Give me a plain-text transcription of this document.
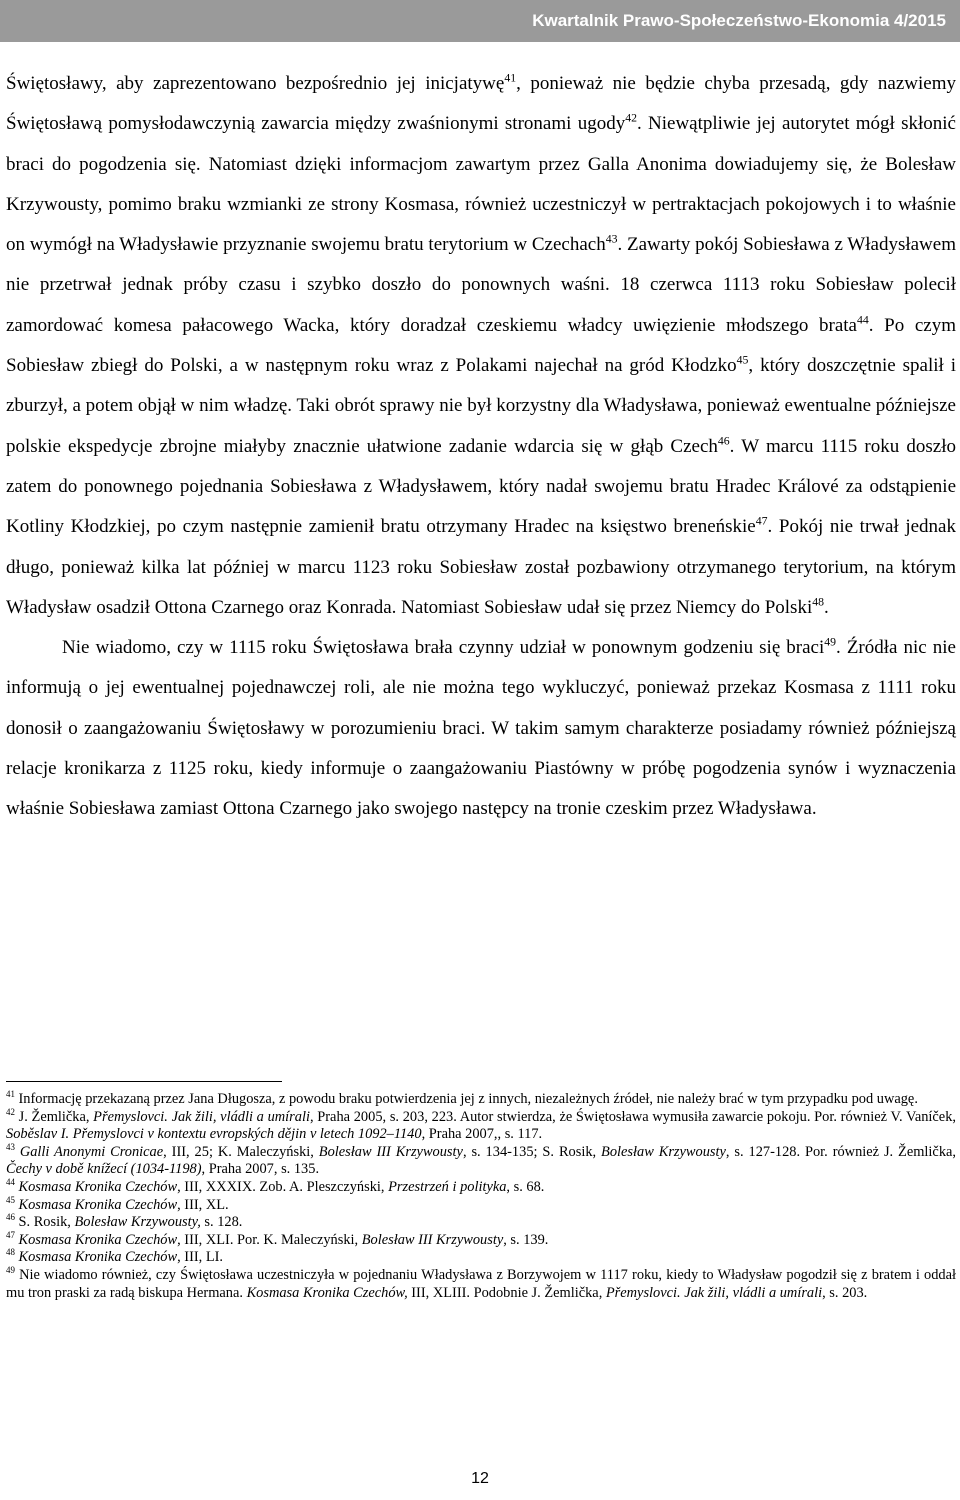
Kwartalnik Prawo-Społeczeństwo-Ekonomia 4/2015

Świętosławy, aby zaprezentowano bezpośrednio jej inicjatywę$^{41}$, ponieważ nie będzie chyba przesadą, gdy nazwiemy Świętosławą pomysłodawczynią zawarcia między zwaśnionymi stronami ugody$^{42}$. Niewątpliwie jej autorytet mógł skłonić braci do pogodzenia się. Natomiast dzięki informacjom zawartym przez Galla Anonima dowiadujemy się, że Bolesław Krzywousty, pomimo braku wzmianki ze strony Kosmasa, również uczestniczył w pertraktacjach pokojowych i to właśnie on wymógł na Władysławie przyznanie swojemu bratu terytorium w Czechach$^{43}$. Zawarty pokój Sobiesława z Władysławem nie przetrwał jednak próby czasu i szybko doszło do ponownych waśni. 18 czerwca 1113 roku Sobiesław polecił zamordować komesa pałacowego Wacka, który doradzał czeskiemu władcy uwięzienie młodszego brata$^{44}$. Po czym Sobiesław zbiegł do Polski, a w następnym roku wraz z Polakami najechał na gród Kłodzko$^{45}$, który doszczętnie spalił i zburzył, a potem objął w nim władzę. Taki obrót sprawy nie był korzystny dla Władysława, ponieważ ewentualne późniejsze polskie ekspedycje zbrojne miałyby znacznie ułatwione zadanie wdarcia się w głąb Czech$^{46}$. W marcu 1115 roku doszło zatem do ponownego pojednania Sobiesława z Władysławem, który nadał swojemu bratu Hradec Králové za odstąpienie Kotliny Kłodzkiej, po czym następnie zamienił bratu otrzymany Hradec na księstwo breneńskie$^{47}$. Pokój nie trwał jednak długo, ponieważ kilka lat później w marcu 1123 roku Sobiesław został pozbawiony otrzymanego terytorium, na którym Władysław osadził Ottona Czarnego oraz Konrada. Natomiast Sobiesław udał się przez Niemcy do Polski$^{48}$.

Nie wiadomo, czy w 1115 roku Świętosława brała czynny udział w ponownym godzeniu się braci$^{49}$. Źródła nic nie informują o jej ewentualnej pojednawczej roli, ale nie można tego wykluczyć, ponieważ przekaz Kosmasa z 1111 roku donosił o zaangażowaniu Świętosławy w porozumieniu braci. W takim samym charakterze posiadamy również późniejszą relacje kronikarza z 1125 roku, kiedy informuje o zaangażowaniu Piastówny w próbę pogodzenia synów i wyznaczenia właśnie Sobiesława zamiast Ottona Czarnego jako swojego następcy na tronie czeskim przez Władysława.

$^{41}$ Informację przekazaną przez Jana Długosza, z powodu braku potwierdzenia jej z innych, niezależnych źródeł, nie należy brać w tym przypadku pod uwagę.

$^{42}$ J. Žemlička, Přemyslovci. Jak žili, vládli a umírali, Praha 2005, s. 203, 223. Autor stwierdza, że Świętosława wymusiła zawarcie pokoju. Por. również V. Vaníček, Soběslav I. Přemyslovci v kontextu evropských dějin v letech 1092–1140, Praha 2007,, s. 117.

$^{43}$ Galli Anonymi Cronicae, III, 25; K. Maleczyński, Bolesław III Krzywousty, s. 134-135; S. Rosik, Bolesław Krzywousty, s. 127-128. Por. również J. Žemlička, Čechy v době knížecí (1034-1198), Praha 2007, s. 135.

$^{44}$ Kosmasa Kronika Czechów, III, XXXIX. Zob. A. Pleszczyński, Przestrzeń i polityka, s. 68.

$^{45}$ Kosmasa Kronika Czechów, III, XL.

$^{46}$ S. Rosik, Bolesław Krzywousty, s. 128.

$^{47}$ Kosmasa Kronika Czechów, III, XLI. Por. K. Maleczyński, Bolesław III Krzywousty, s. 139.

$^{48}$ Kosmasa Kronika Czechów, III, LI.

$^{49}$ Nie wiadomo również, czy Świętosława uczestniczyła w pojednaniu Władysława z Borzywojem w 1117 roku, kiedy to Władysław pogodził się z bratem i oddał mu tron praski za radą biskupa Hermana. Kosmasa Kronika Czechów, III, XLIII. Podobnie J. Žemlička, Přemyslovci. Jak žili, vládli a umírali, s. 203.

12
